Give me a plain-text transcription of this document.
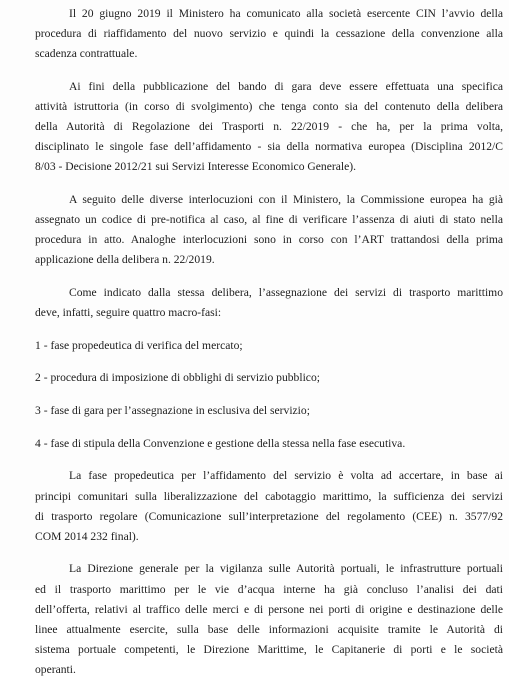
Il 20 giugno 2019 il Ministero ha comunicato alla società esercente CIN l’avvio della
procedura di riaffidamento del nuovo servizio e quindi la cessazione della convenzione alla
scadenza contrattuale.
Ai fini della pubblicazione del bando di gara deve essere effettuata una specifica
attività istruttoria (in corso di svolgimento) che tenga conto sia del contenuto della delibera
della Autorità di Regolazione dei Trasporti n. 22/2019 - che ha, per la prima volta,
disciplinato le singole fase dell’affidamento - sia della normativa europea (Disciplina 2012/C
8/03 - Decisione 2012/21 sui Servizi Interesse Economico Generale).
A seguito delle diverse interlocuzioni con il Ministero, la Commissione europea ha già
assegnato un codice di pre-notifica al caso, al fine di verificare l’assenza di aiuti di stato nella
procedura in atto. Analoghe interlocuzioni sono in corso con l’ART trattandosi della prima
applicazione della delibera n. 22/2019.
Come indicato dalla stessa delibera, l’assegnazione dei servizi di trasporto marittimo
deve, infatti, seguire quattro macro-fasi:
1 - fase propedeutica di verifica del mercato;
2 - procedura di imposizione di obblighi di servizio pubblico;
3 - fase di gara per l’assegnazione in esclusiva del servizio;
4 - fase di stipula della Convenzione e gestione della stessa nella fase esecutiva.
La fase propedeutica per l’affidamento del servizio è volta ad accertare, in base ai
principi comunitari sulla liberalizzazione del cabotaggio marittimo, la sufficienza dei servizi
di trasporto regolare (Comunicazione sull’interpretazione del regolamento (CEE) n. 3577/92
COM 2014 232 final).
La Direzione generale per la vigilanza sulle Autorità portuali, le infrastrutture portuali
ed il trasporto marittimo per le vie d’acqua interne ha già concluso l’analisi dei dati
dell’offerta, relativi al traffico delle merci e di persone nei porti di origine e destinazione delle
linee attualmente esercite, sulla base delle informazioni acquisite tramite le Autorità di
sistema portuale competenti, le Direzione Marittime, le Capitanerie di porti e le società
operanti.
